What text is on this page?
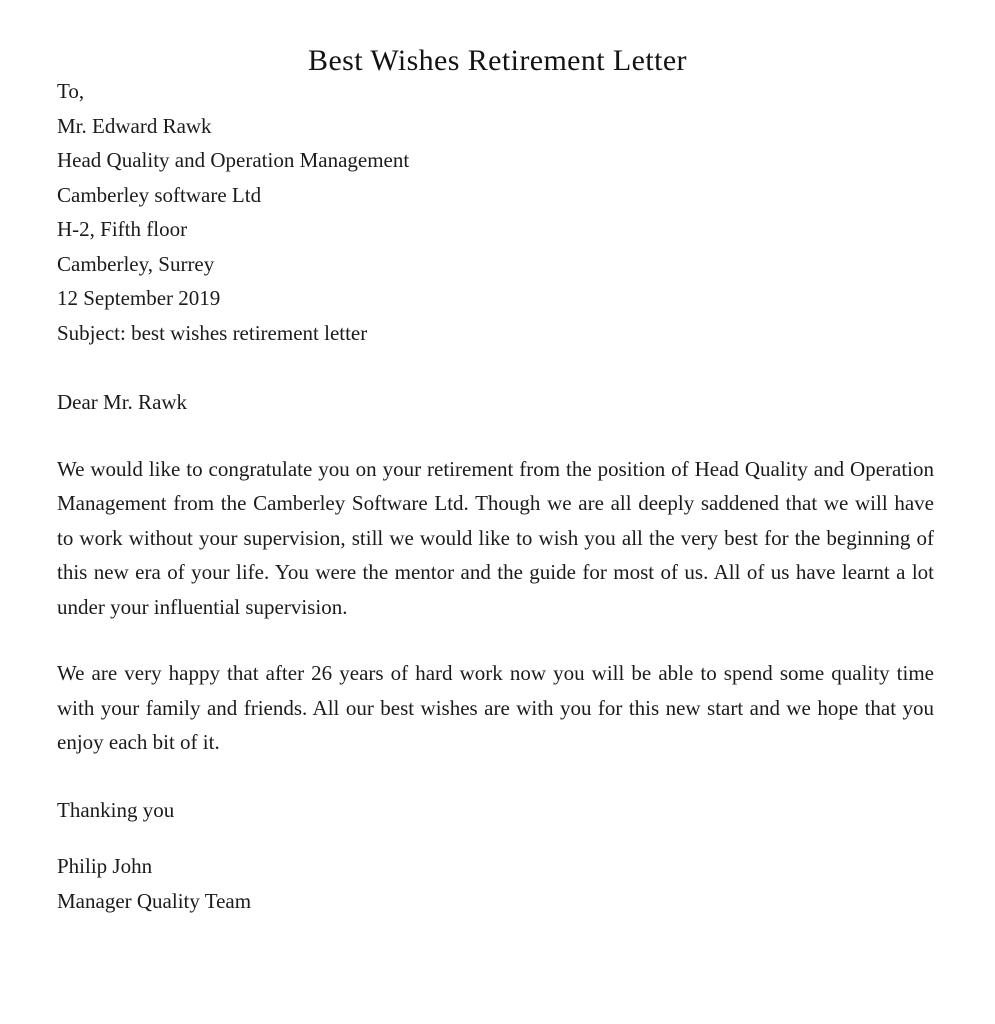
Best Wishes Retirement Letter
To,
Mr. Edward Rawk
Head Quality and Operation Management
Camberley software Ltd
H-2, Fifth floor
Camberley, Surrey
12 September 2019
Subject: best wishes retirement letter
Dear Mr. Rawk

We would like to congratulate you on your retirement from the position of Head Quality and Operation Management from the Camberley Software Ltd. Though we are all deeply saddened that we will have to work without your supervision, still we would like to wish you all the very best for the beginning of this new era of your life. You were the mentor and the guide for most of us. All of us have learnt a lot under your influential supervision.

We are very happy that after 26 years of hard work now you will be able to spend some quality time with your family and friends. All our best wishes are with you for this new start and we hope that you enjoy each bit of it.

Thanking you
Philip John
Manager Quality Team
